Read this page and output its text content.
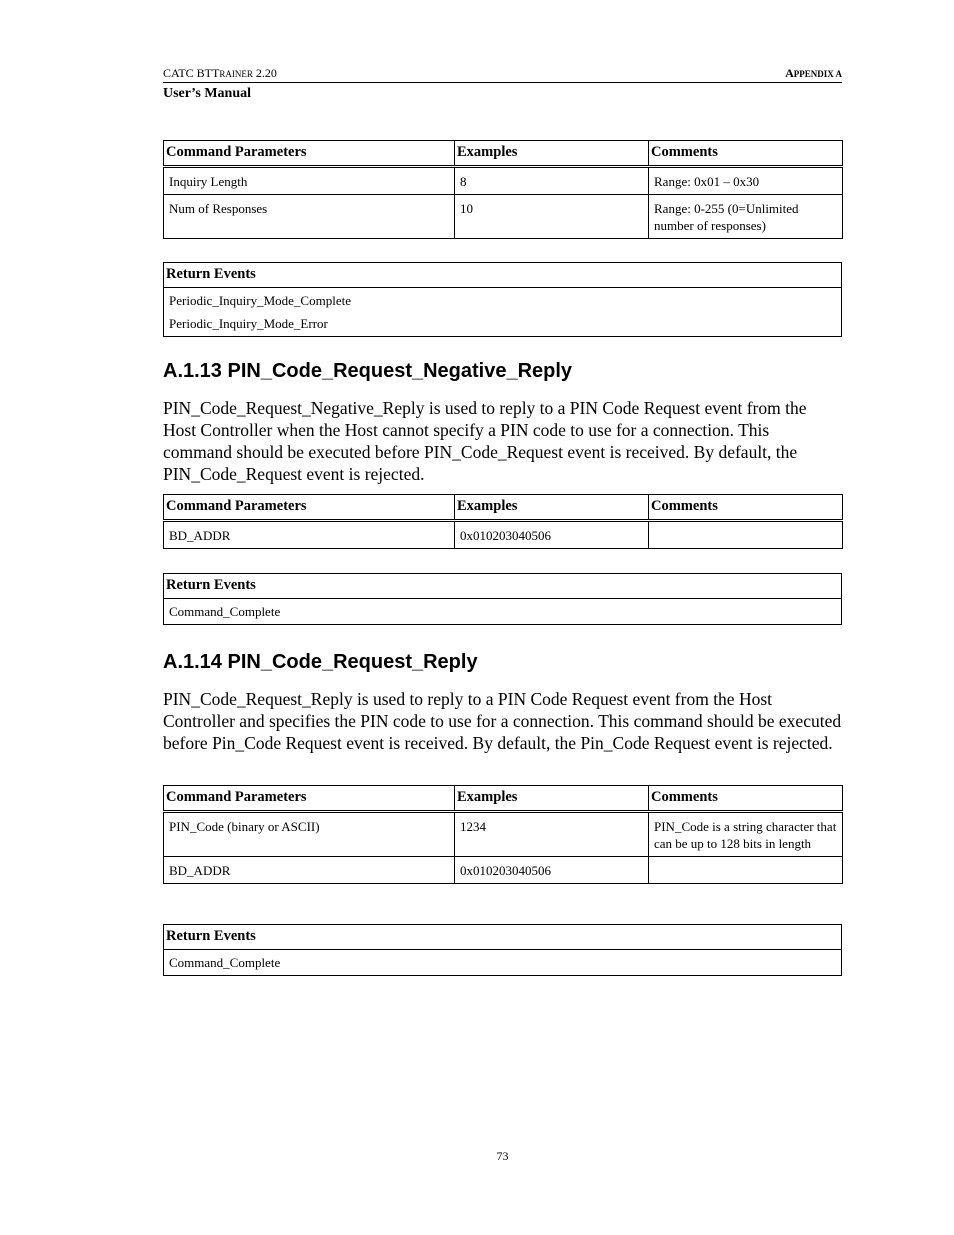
CATC BTTRAINER 2.20	APPENDIX A
User’s Manual
Command Parameters	Examples	Comments
Inquiry Length	8	Range: 0x01 – 0x30
Num of Responses	10	Range: 0-255 (0=Unlimited number of responses)
Return Events
Periodic_Inquiry_Mode_Complete
Periodic_Inquiry_Mode_Error
A.1.13 PIN_Code_Request_Negative_Reply

PIN_Code_Request_Negative_Reply is used to reply to a PIN Code Request event from the Host Controller when the Host cannot specify a PIN code to use for a connection. This command should be executed before PIN_Code_Request event is received. By default, the PIN_Code_Request event is rejected.

Command Parameters	Examples	Comments
BD_ADDR	0x010203040506	
Return Events
Command_Complete
A.1.14 PIN_Code_Request_Reply

PIN_Code_Request_Reply is used to reply to a PIN Code Request event from the Host Controller and specifies the PIN code to use for a connection. This command should be executed before Pin_Code Request event is received. By default, the Pin_Code Request event is rejected.

Command Parameters	Examples	Comments
PIN_Code (binary or ASCII)	1234	PIN_Code is a string character that can be up to 128 bits in length
BD_ADDR	0x010203040506	
Return Events
Command_Complete
73
